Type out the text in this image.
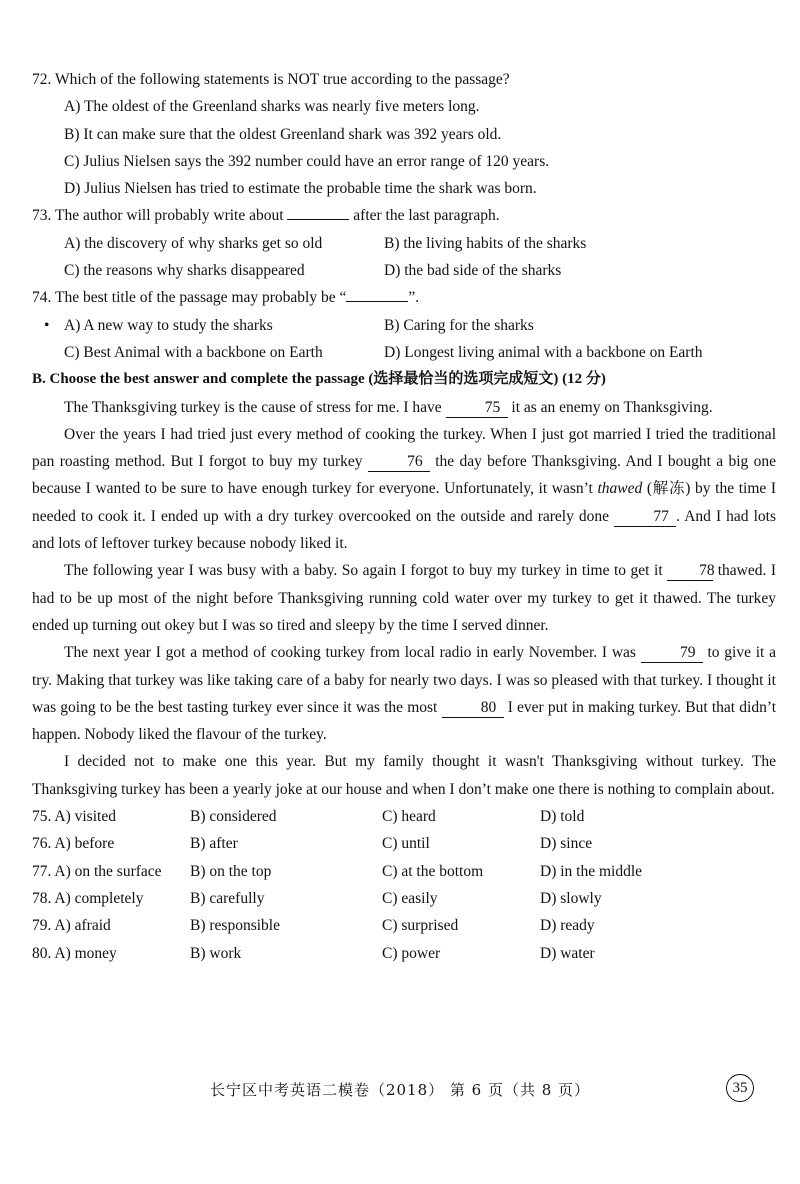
72. Which of the following statements is NOT true according to the passage?
A) The oldest of the Greenland sharks was nearly five meters long.
B) It can make sure that the oldest Greenland shark was 392 years old.
C) Julius Nielsen says the 392 number could have an error range of 120 years.
D) Julius Nielsen has tried to estimate the probable time the shark was born.
73. The author will probably write about	after the last paragraph.
A) the discovery of why sharks get so old	B) the living habits of the sharks
C) the reasons why sharks disappeared	D) the bad side of the sharks
74. The best title of the passage may probably be “	”.
• A) A new way to study the sharks	B) Caring for the sharks
C) Best Animal with a backbone on Earth	D) Longest living animal with a backbone on Earth
B. Choose the best answer and complete the passage (选择最恰当的选项完成短文) (12 分)
The Thanksgiving turkey is the cause of stress for me. I have	75 it as an enemy on Thanksgiving.
Over the years I had tried just every method of cooking the turkey. When I just got married I tried the traditional pan roasting method. But I forgot to buy my turkey	76 the day before Thanksgiving. And I bought a big one because I wanted to be sure to have enough turkey for everyone. Unfortunately, it wasn’t thawed (解冻) by the time I needed to cook it. I ended up with a dry turkey overcooked on the outside and rarely done	77 . And I had lots and lots of leftover turkey because nobody liked it.
The following year I was busy with a baby. So again I forgot to buy my turkey in time to get it 78 thawed. I had to be up most of the night before Thanksgiving running cold water over my turkey to get it thawed. The turkey ended up turning out okey but I was so tired and sleepy by the time I served dinner.
The next year I got a method of cooking turkey from local radio in early November. I was	79 to give it a try. Making that turkey was like taking care of a baby for nearly two days. I was so pleased with that turkey. I thought it was going to be the best tasting turkey ever since it was the most	80 I ever put in making turkey. But that didn’t happen. Nobody liked the flavour of the turkey.
I decided not to make one this year. But my family thought it wasn't Thanksgiving without turkey. The Thanksgiving turkey has been a yearly joke at our house and when I don’t make one there is nothing to complain about.
75. A) visited	B) considered	C) heard	D) told
76. A) before	B) after	C) until	D) since
77. A) on the surface	B) on the top	C) at the bottom	D) in the middle
78. A) completely	B) carefully	C) easily	D) slowly
79. A) afraid	B) responsible	C) surprised	D) ready
80. A) money	B) work	C) power	D) water
长宁区中考英语二模卷（2018） 第 6 页（共 8 页）	35
